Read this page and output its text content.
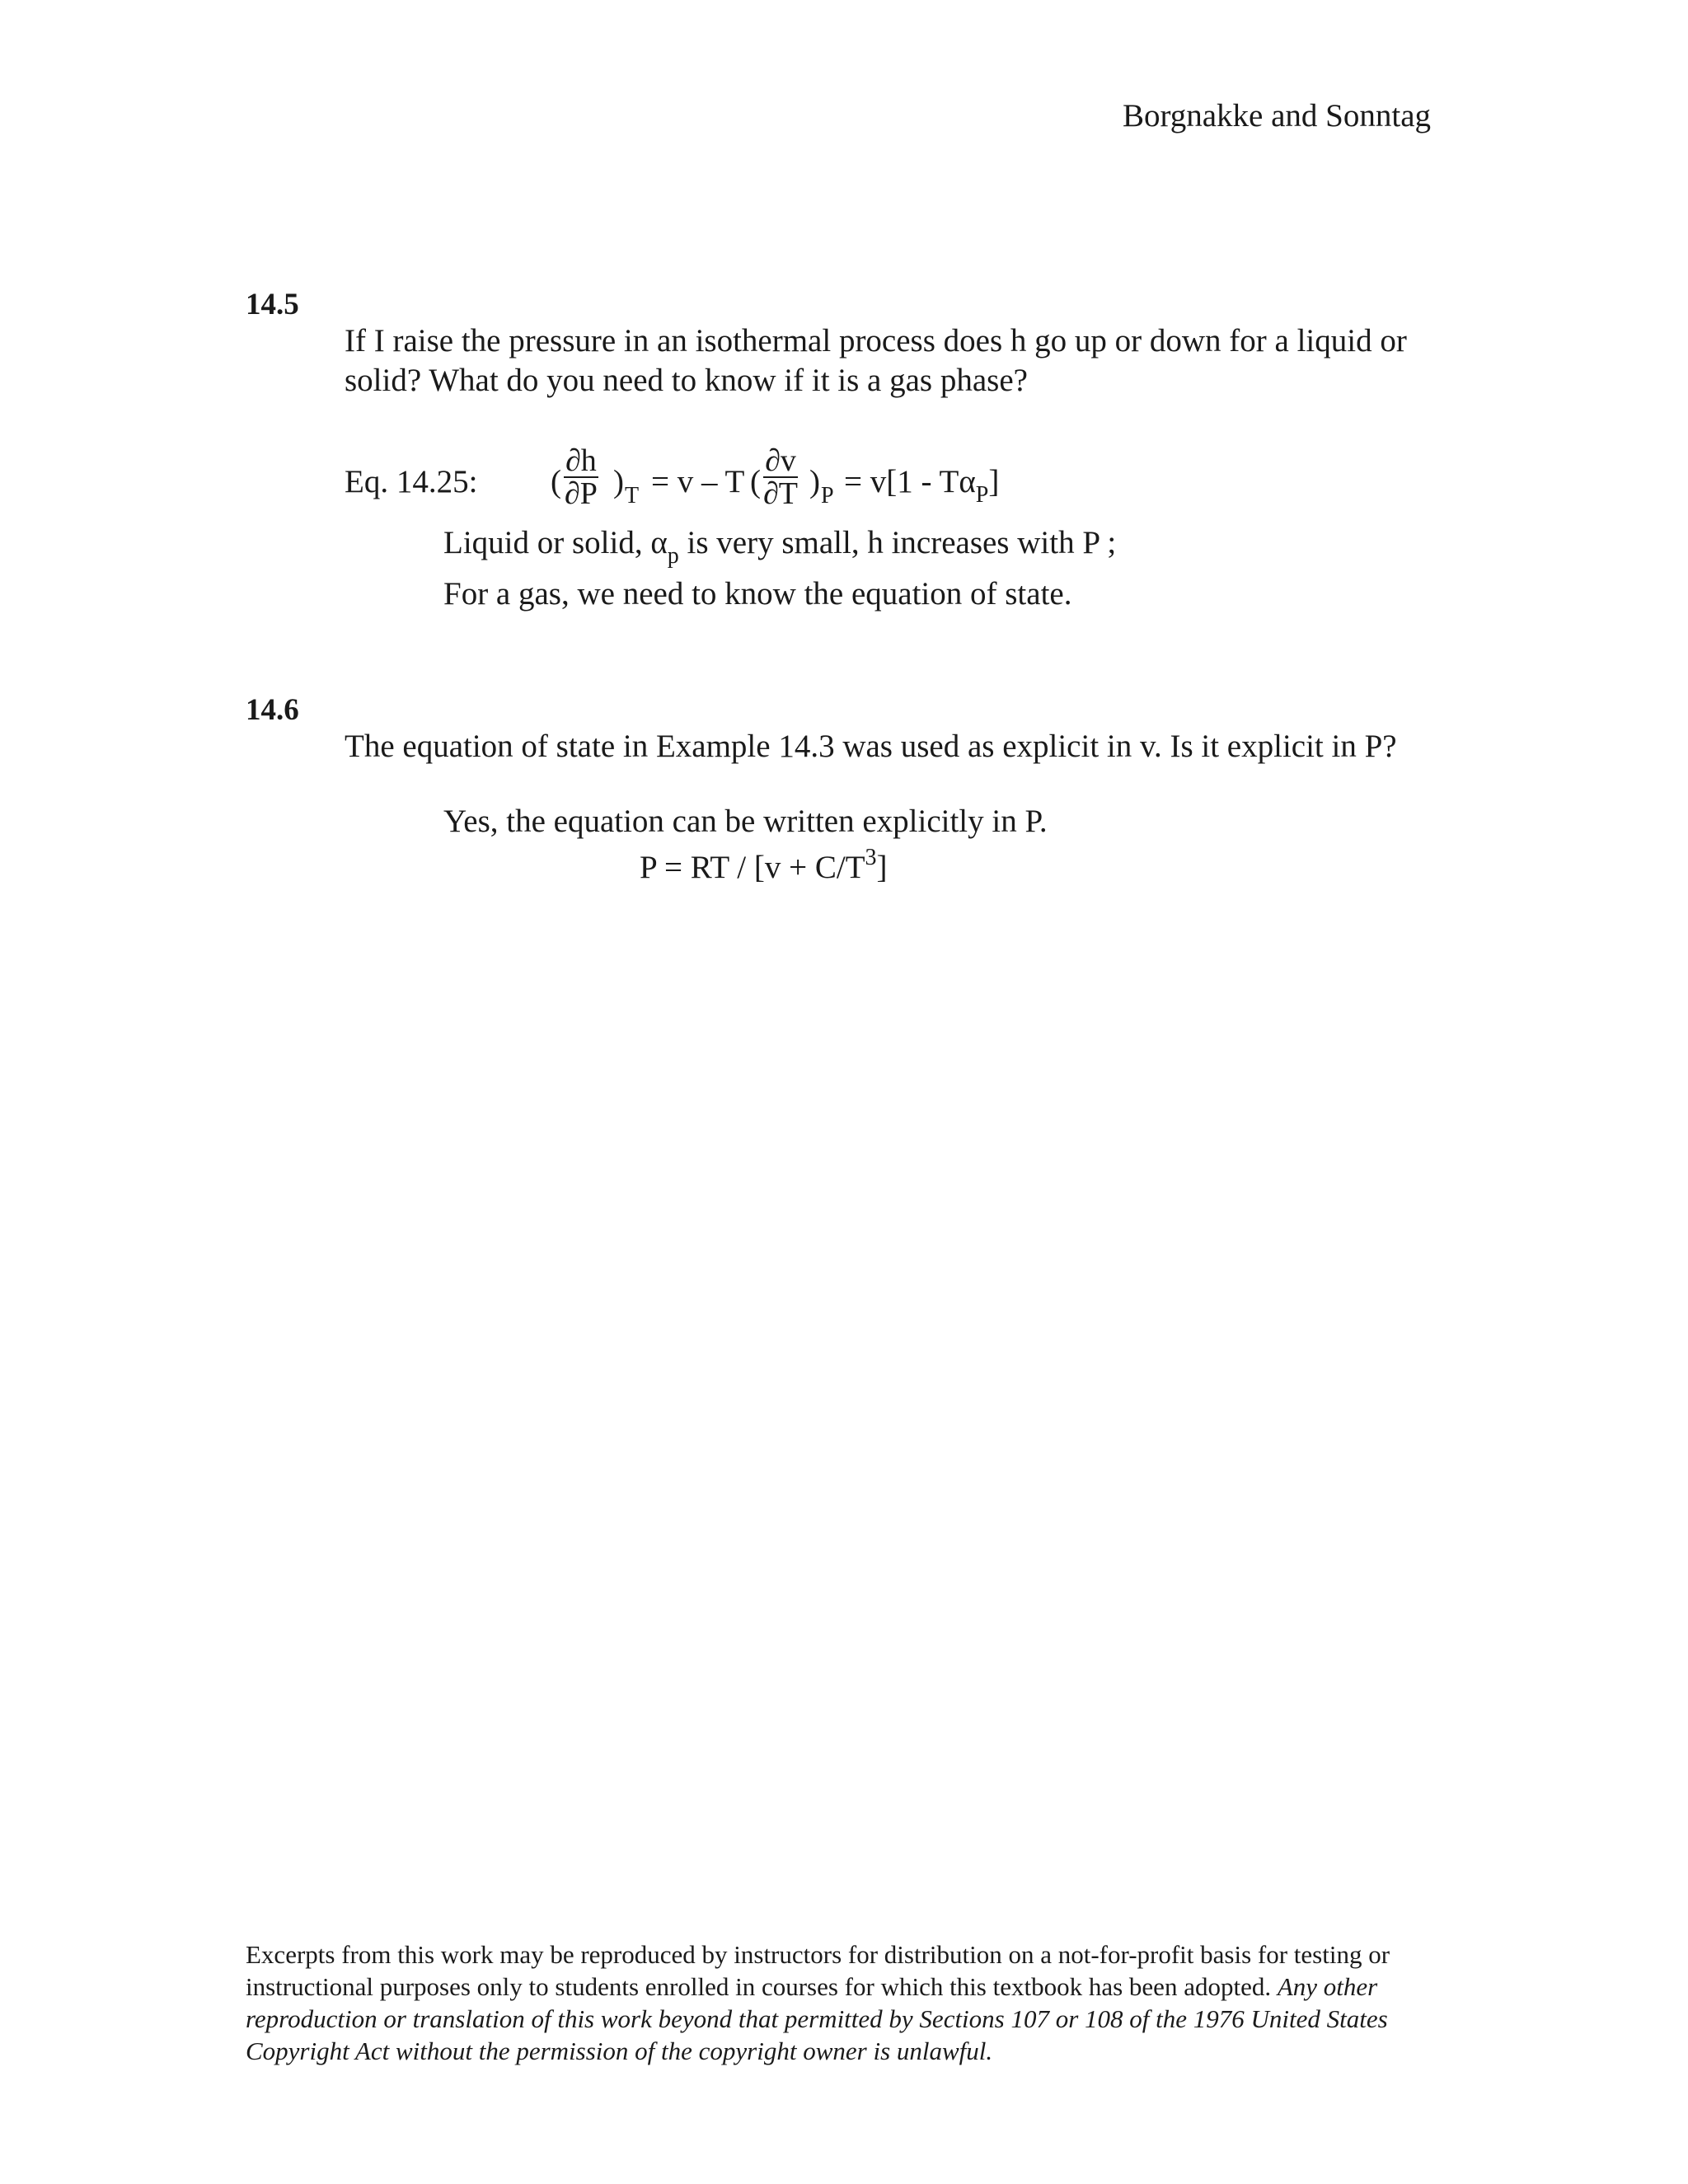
Borgnakke and Sonntag
14.5
If I raise the pressure in an isothermal process does h go up or down for a liquid or solid? What do you need to know if it is a gas phase?
Eq. 14.25: ( $\frac{\partial h}{\partial P}$ ) T = v – T ( $\frac{\partial v}{\partial T}$ ) $P = v[1 - T\alpha_P]$
Liquid or solid, $\alpha_p$ is very small, h increases with P ;
For a gas, we need to know the equation of state.
14.6
The equation of state in Example 14.3 was used as explicit in v. Is it explicit in P?
Yes, the equation can be written explicitly in P.
P = RT / $[v + C/T^3]$
Excerpts from this work may be reproduced by instructors for distribution on a not-for-profit basis for testing or instructional purposes only to students enrolled in courses for which this textbook has been adopted. Any other reproduction or translation of this work beyond that permitted by Sections 107 or 108 of the 1976 United States Copyright Act without the permission of the copyright owner is unlawful.
